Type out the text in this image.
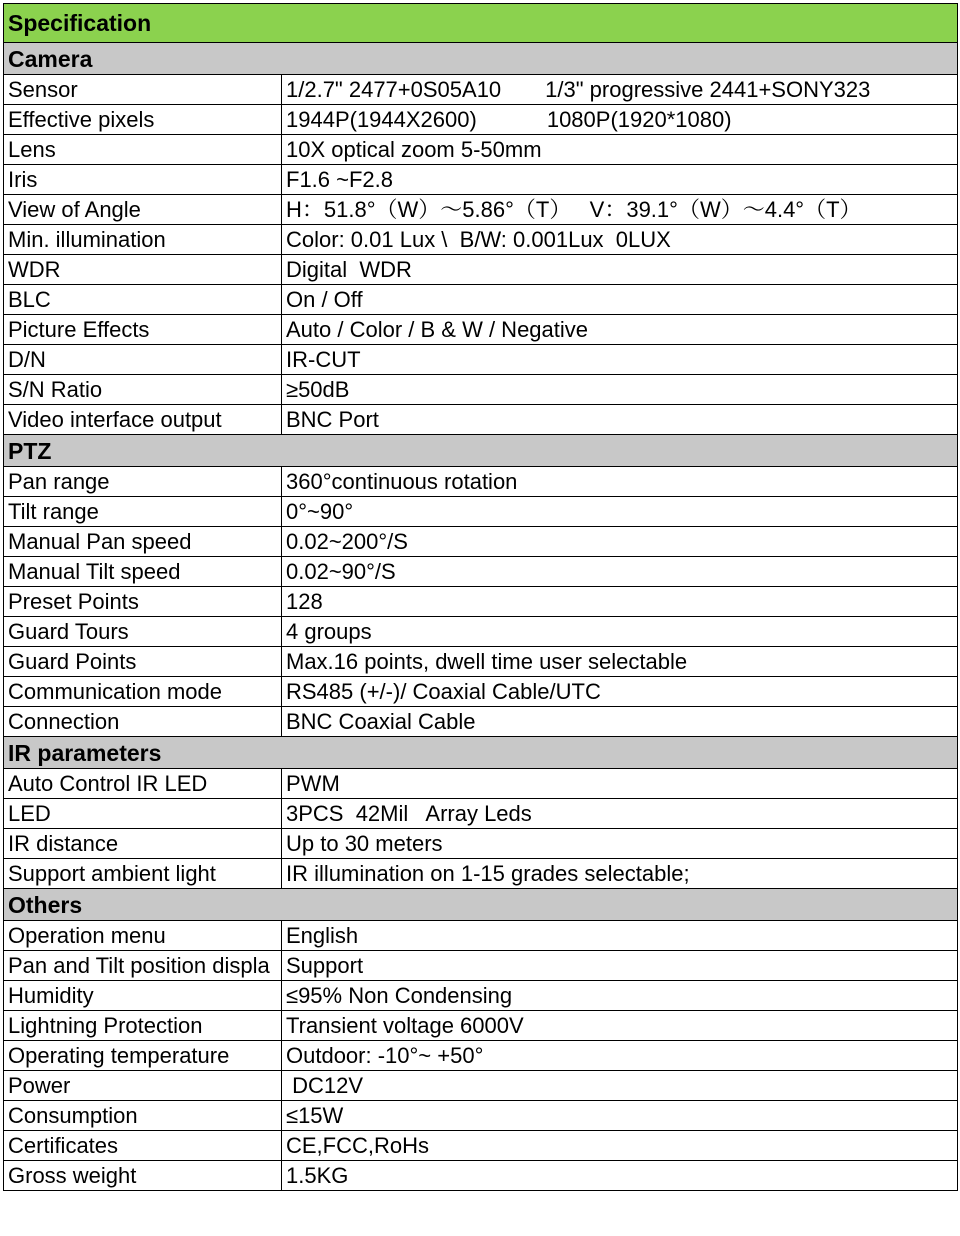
Specification	
Camera	
Sensor	1/2.7" 2477+0S05A10 1/3" progressive 2441+SONY323
Effective pixels	1944P(1944X2600) 1080P(1920*1080)
Lens	10X optical zoom 5-50mm
Iris	F1.6 ~F2.8
View of Angle	H：51.8°（W）～5.86°（T）   V：39.1°（W）～4.4°（T）
Min. illumination	Color: 0.01 Lux \  B/W: 0.001Lux  0LUX
WDR	Digital  WDR
BLC	On / Off
Picture Effects	Auto / Color / B & W / Negative
D/N	IR-CUT
S/N Ratio	≥50dB
Video interface output	BNC Port
PTZ	
Pan range	360°continuous rotation
Tilt range	0°~90°
Manual Pan speed	0.02~200°/S
Manual Tilt speed	0.02~90°/S
Preset Points	128
Guard Tours	4 groups
Guard Points	Max.16 points, dwell time user selectable
Communication mode	RS485 (+/-)/ Coaxial Cable/UTC
Connection	BNC Coaxial Cable
IR parameters	
Auto Control IR LED	PWM
LED	3PCS  42Mil   Array Leds
IR distance	Up to 30 meters
Support ambient light	IR illumination on 1-15 grades selectable;
Others	
Operation menu	English
Pan and Tilt position displa	Support
Humidity	≤95% Non Condensing
Lightning Protection	Transient voltage 6000V
Operating temperature	Outdoor: -10°~ +50°
Power	DC12V
Consumption	≤15W
Certificates	CE,FCC,RoHs
Gross weight	1.5KG
